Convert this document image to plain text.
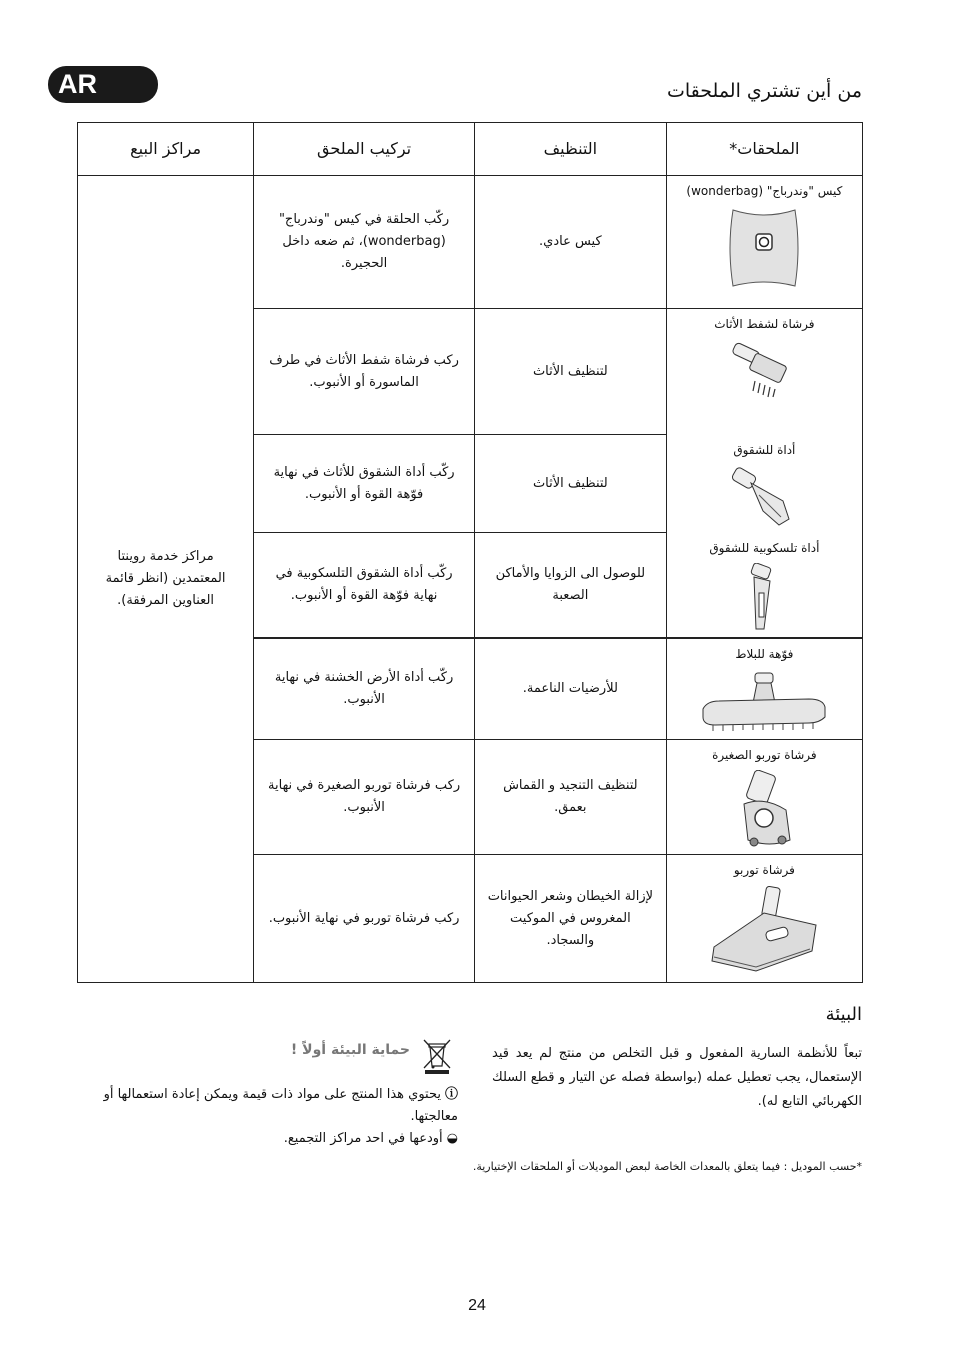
AR	من أين تشتري الملحقات
الملحقات*	التنظيف	تركيب الملحق	مراكز البيع

كيس "وندرباج" (wonderbag)	كيس عادي.	ركّب الحلقة في كيس "وندرباج" (wonderbag)، ثم ضعه داخل الحجيرة.	مراكز خدمة روينتا المعتمدين (انظر قائمة العناوين المرفقة).

فرشاة لشفط الأثاث	لتنظيف الأثاث	ركب فرشاة شفط الأثاث في طرف الماسورة أو الأنبوب.	

أداة للشقوق	لتنظيف الأثاث	ركّب أداة الشقوق للأثاث في نهاية فوّهة القوة أو الأنبوب.	

أداة تلسكوبية للشقوق	للوصول الى الزوايا والأماكن الصعبة	ركّب أداة الشقوق التلسكوبية في نهاية فوّهة القوة أو الأنبوب.	

فوّهة للبلاط	للأرضيات الناعمة.	ركّب أداة الأرض الخشنة في نهاية الأنبوب.	

فرشاة توربو الصغيرة	لتنظيف التنجيد و القماش بعمق.	ركب فرشاة توربو الصغيرة في نهاية الأنبوب.	

فرشاة توربو	لإزالة الخيطان وشعر الحيوانات المغروس في الموكيت والسجاد.	ركب فرشاة توربو في نهاية الأنبوب.	
البيئة
تبعاً للأنظمة السارية المفعول و قبل التخلص من منتج لم يعد قيد الإستعمال، يجب تعطيل عمله (بواسطة فصله عن التيار و قطع السلك الكهربائي التابع له).
حماية البيئة أولاً !
ⓘيحتوي هذا المنتج على مواد ذات قيمة ويمكن إعادة استعمالها أو معالجتها.
◒أودعها في احد مراكز التجميع.
*حسب الموديل : فيما يتعلق بالمعدات الخاصة لبعض الموديلات أو الملحقات الإختيارية.
24
